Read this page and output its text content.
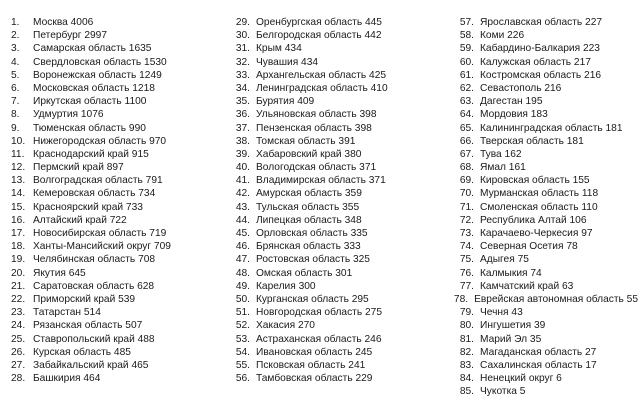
1.	Москва 4006
2.	Петербург 2997
3.	Самарская область 1635
4.	Свердловская область 1530
5.	Воронежская область 1249
6.	Московская область 1218
7.	Иркутская область 1100
8.	Удмуртия 1076
9.	Тюменская область 990
10. Нижегородская область 970
11. Краснодарский край 915
12. Пермский край 897
13. Волгоградская область 791
14. Кемеровская область 734
15. Красноярский край 733
16. Алтайский край 722
17. Новосибирская область 719
18. Ханты-Мансийский округ 709
19. Челябинская область 708
20. Якутия 645
21. Саратовская область 628
22. Приморский край 539
23. Татарстан 514
24. Рязанская область 507
25. Ставропольский край 488
26. Курская область 485
27. Забайкальский край 465
28. Башкирия 464
29. Оренбургская область 445
30. Белгородская область 442
31. Крым 434
32. Чувашия 434
33. Архангельская область 425
34. Ленинградская область 410
35. Бурятия 409
36. Ульяновская область 398
37. Пензенская область 398
38. Томская область 391
39. Хабаровский край 380
40. Вологодская область 371
41. Владимирская область 371
42. Амурская область 359
43. Тульская область 355
44. Липецкая область 348
45. Орловская область 335
46. Брянская область 333
47. Ростовская область 325
48. Омская область 301
49. Карелия 300
50. Курганская область 295
51. Новгородская область 275
52. Хакасия 270
53. Астраханская область 246
54. Ивановская область 245
55. Псковская область 241
56. Тамбовская область 229
57. Ярославская область 227
58. Коми 226
59. Кабардино-Балкария 223
60. Калужская область 217
61. Костромская область 216
62. Севастополь 216
63. Дагестан 195
64. Мордовия 183
65. Калининградская область 181
66. Тверская область 181
67. Тува 162
68. Ямал 161
69. Кировская область 155
70. Мурманская область 118
71. Смоленская область 110
72. Республика Алтай 106
73. Карачаево-Черкесия 97
74. Северная Осетия 78
75. Адыгея 75
76. Калмыкия 74
77. Камчатский край 63
78. Еврейская автономная область 55
79. Чечня 43
80. Ингушетия 39
81. Марий Эл 35
82. Магаданская область 27
83. Сахалинская область 17
84. Ненецкий округ 6
85. Чукотка 5
